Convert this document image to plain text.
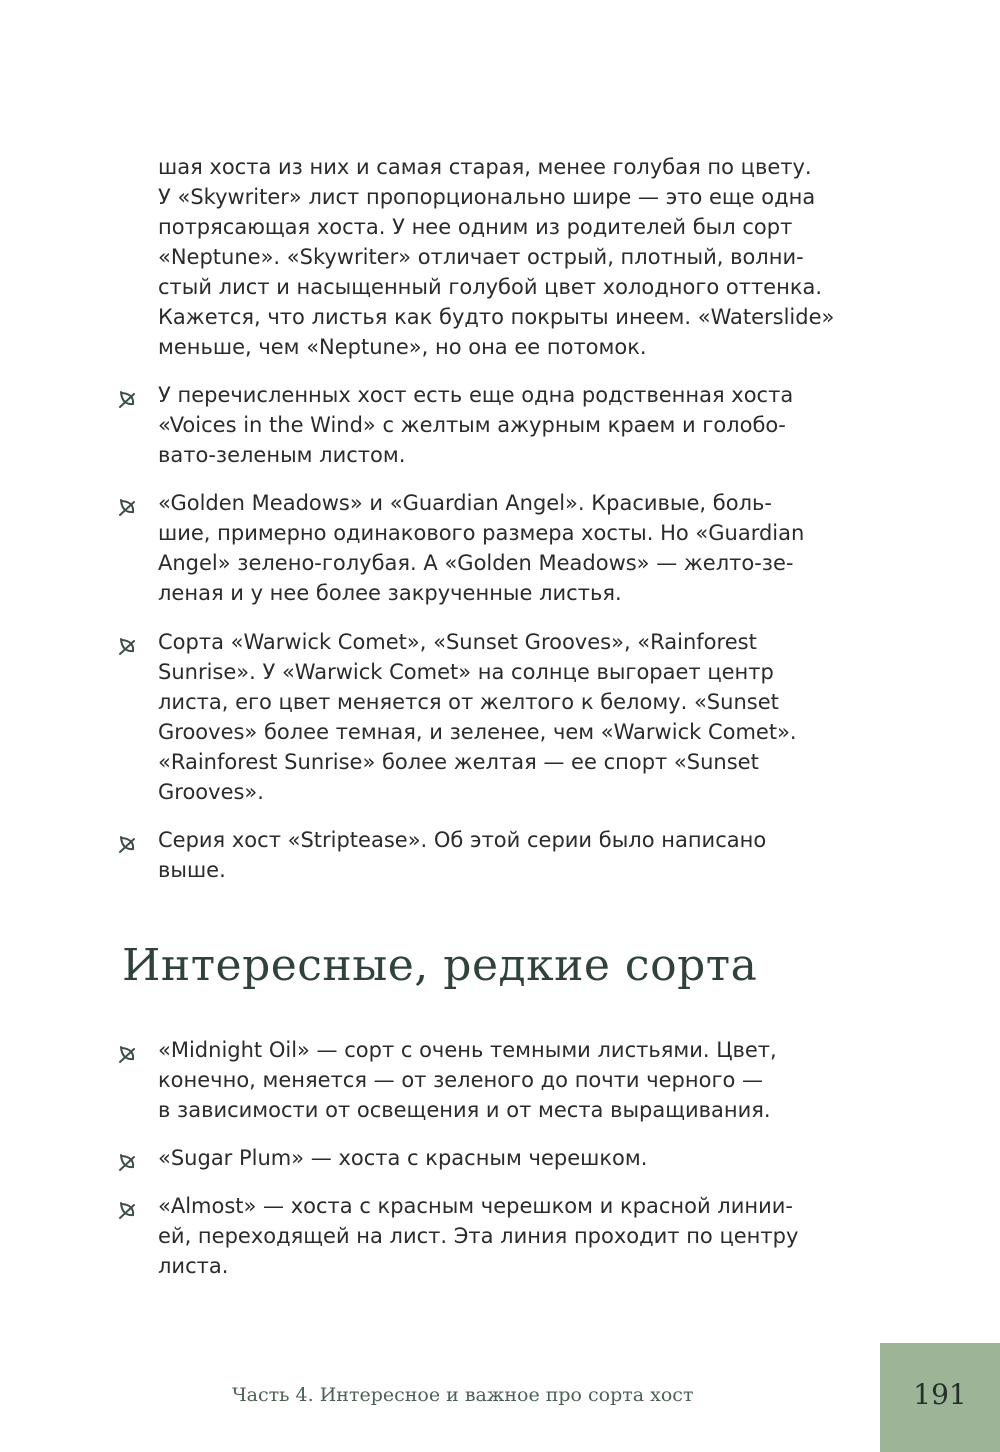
шая хоста из них и самая старая, менее голубая по цвету.
У «Skywriter» лист пропорционально шире — это еще одна
потрясающая хоста. У нее одним из родителей был сорт
«Neptune». «Skywriter» отличает острый, плотный, волни-
стый лист и насыщенный голубой цвет холодного оттенка.
Кажется, что листья как будто покрыты инеем. «Waterslide»
меньше, чем «Neptune», но она ее потомок.

У перечисленных хост есть еще одна родственная хоста
«Voices in the Wind» с желтым ажурным краем и голобо-
вато-зеленым листом.

«Golden Meadows» и «Guardian Angel». Красивые, боль-
шие, примерно одинакового размера хосты. Но «Guardian
Angel» зелено-голубая. А «Golden Meadows» — желто-зе-
леная и у нее более закрученные листья.

Сорта «Warwick Comet», «Sunset Grooves», «Rainforest
Sunrise». У «Warwick Comet» на солнце выгорает центр
листа, его цвет меняется от желтого к белому. «Sunset
Grooves» более темная, и зеленее, чем «Warwick Comet».
«Rainforest Sunrise» более желтая — ее спорт «Sunset
Grooves».

Серия хост «Striptease». Об этой серии было написано
выше.

Интересные, редкие сорта

«Midnight Oil» — сорт с очень темными листьями. Цвет,
конечно, меняется — от зеленого до почти черного —
в зависимости от освещения и от места выращивания.

«Sugar Plum» — хоста с красным черешком.

«Almost» — хоста с красным черешком и красной линии-
ей, переходящей на лист. Эта линия проходит по центру
листа.

Часть 4. Интересное и важное про сорта хост	191
